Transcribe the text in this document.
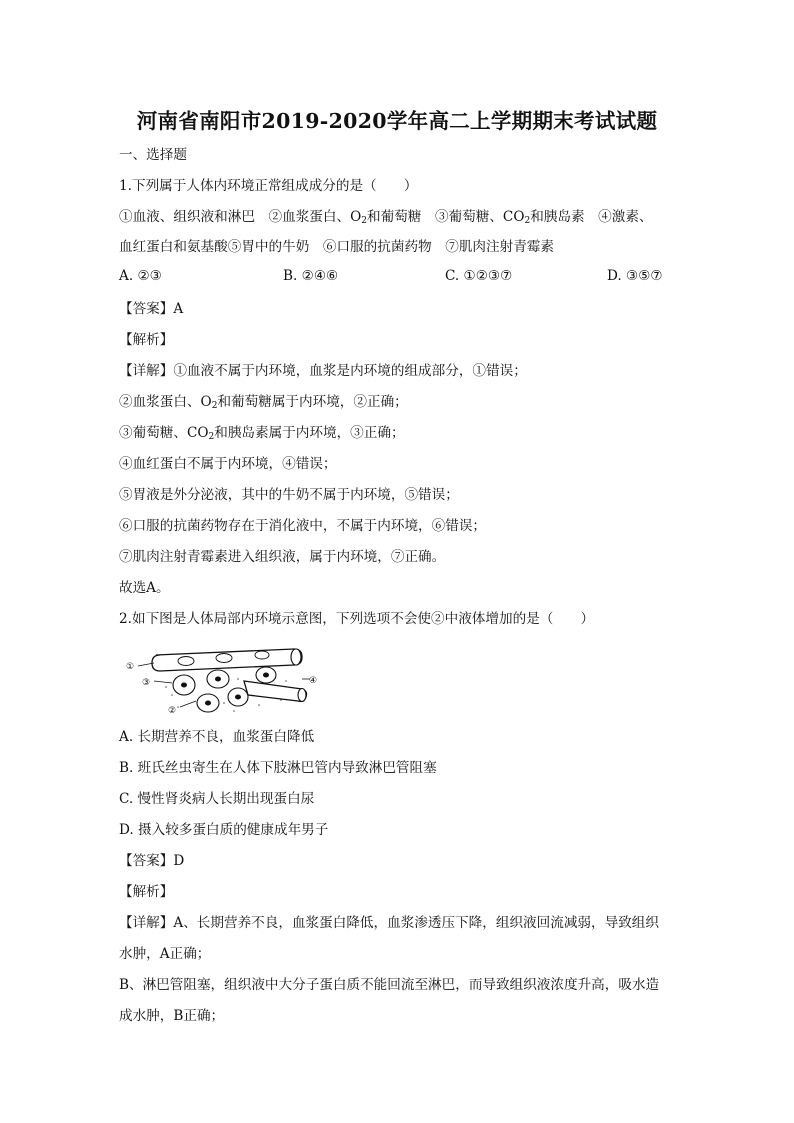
河南省南阳市2019-2020学年高二上学期期末考试试题
一、选择题
1.下列属于人体内环境正常组成成分的是（　　）
①血液、组织液和淋巴　②血浆蛋白、$O_2$和葡萄糖　③葡萄糖、$CO_2$和胰岛素　④激素、
血红蛋白和氨基酸⑤胃中的牛奶　⑥口服的抗菌药物　⑦肌肉注射青霉素
A. ②③	B. ②④⑥	C. ①②③⑦	D. ③⑤⑦
【答案】A
【解析】
【详解】①血液不属于内环境，血浆是内环境的组成部分，①错误；
②血浆蛋白、$O_2$和葡萄糖属于内环境，②正确；
③葡萄糖、$CO_2$和胰岛素属于内环境，③正确；
④血红蛋白不属于内环境，④错误；
⑤胃液是外分泌液，其中的牛奶不属于内环境，⑤错误；
⑥口服的抗菌药物存在于消化液中，不属于内环境，⑥错误；
⑦肌肉注射青霉素进入组织液，属于内环境，⑦正确。
故选A。
2.如下图是人体局部内环境示意图，下列选项不会使②中液体增加的是（　　）
①
③
②
④
A. 长期营养不良，血浆蛋白降低
B. 班氏丝虫寄生在人体下肢淋巴管内导致淋巴管阻塞
C. 慢性肾炎病人长期出现蛋白尿
D. 摄入较多蛋白质的健康成年男子
【答案】D
【解析】
【详解】A、长期营养不良，血浆蛋白降低，血浆渗透压下降，组织液回流减弱，导致组织
水肿，A正确；
B、淋巴管阻塞，组织液中大分子蛋白质不能回流至淋巴，而导致组织液浓度升高，吸水造
成水肿，B正确；
